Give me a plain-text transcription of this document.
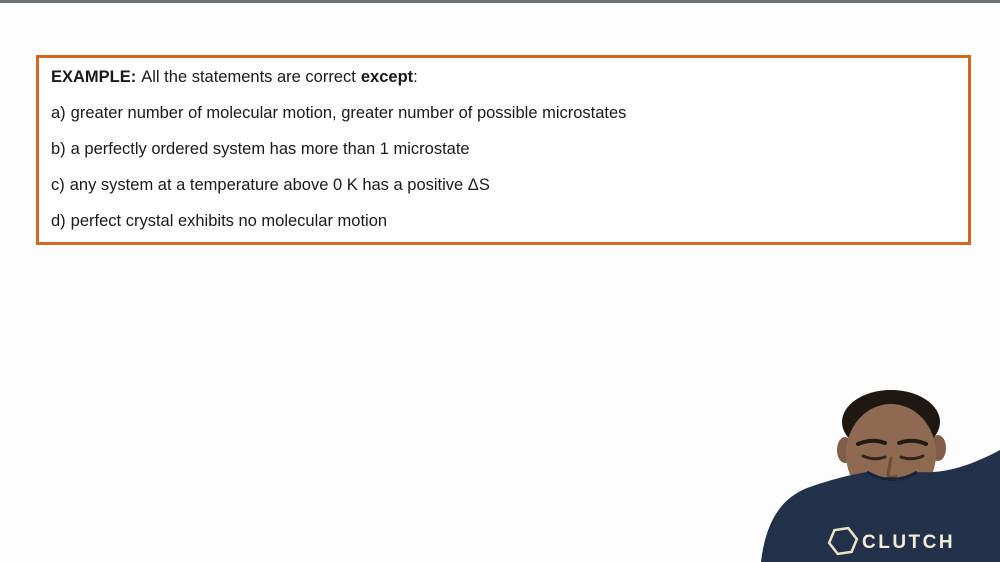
EXAMPLE: All the statements are correct except:
a) greater number of molecular motion, greater number of possible microstates
b) a perfectly ordered system has more than 1 microstate
c) any system at a temperature above 0 K has a positive ΔS
d) perfect crystal exhibits no molecular motion
CLUTCH
